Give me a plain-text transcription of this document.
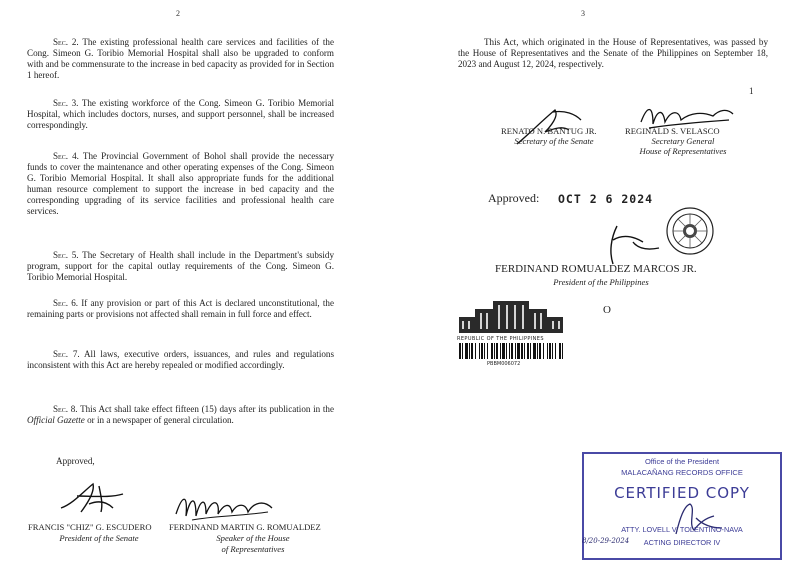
2

Sec. 2. The existing professional health care services and facilities of the Cong. Simeon G. Toribio Memorial Hospital shall also be upgraded to conform with and be commensurate to the increase in bed capacity as provided for in Section 1 hereof.

Sec. 3. The existing workforce of the Cong. Simeon G. Toribio Memorial Hospital, which includes doctors, nurses, and support personnel, shall be increased correspondingly.

Sec. 4. The Provincial Government of Bohol shall provide the necessary funds to cover the maintenance and other operating expenses of the Cong. Simeon G. Toribio Memorial Hospital. It shall also appropriate funds for the additional human resource complement to support the increase in bed capacity and the corresponding upgrading of its service facilities and professional health care services.

Sec. 5. The Secretary of Health shall include in the Department's subsidy program, support for the capital outlay requirements of the Cong. Simeon G. Toribio Memorial Hospital.

Sec. 6. If any provision or part of this Act is declared unconstitutional, the remaining parts or provisions not affected shall remain in full force and effect.

Sec. 7. All laws, executive orders, issuances, and rules and regulations inconsistent with this Act are hereby repealed or modified accordingly.

Sec. 8. This Act shall take effect fifteen (15) days after its publication in the Official Gazette or in a newspaper of general circulation.

Approved,
FRANCIS "CHIZ" G. ESCUDERO
President of the Senate
FERDINAND MARTIN G. ROMUALDEZ
Speaker of the House
of Representatives
3

This Act, which originated in the House of Representatives, was passed by the House of Representatives and the Senate of the Philippines on September 18, 2023 and August 12, 2024, respectively.

1
RENATO N. BANTUG JR.
Secretary of the Senate
REGINALD S. VELASCO
Secretary General
House of Representatives
Approved: OCT 2 6 2024
FERDINAND ROMUALDEZ MARCOS JR.
President of the Philippines
O
REPUBLIC OF THE PHILIPPINES
PBBM006072
Office of the President
MALACAÑANG RECORDS OFFICE
CERTIFIED COPY
ATTY. LOVELL V. TOLENTINO-NAVA
ACTING DIRECTOR IV
8/20-29-2024
